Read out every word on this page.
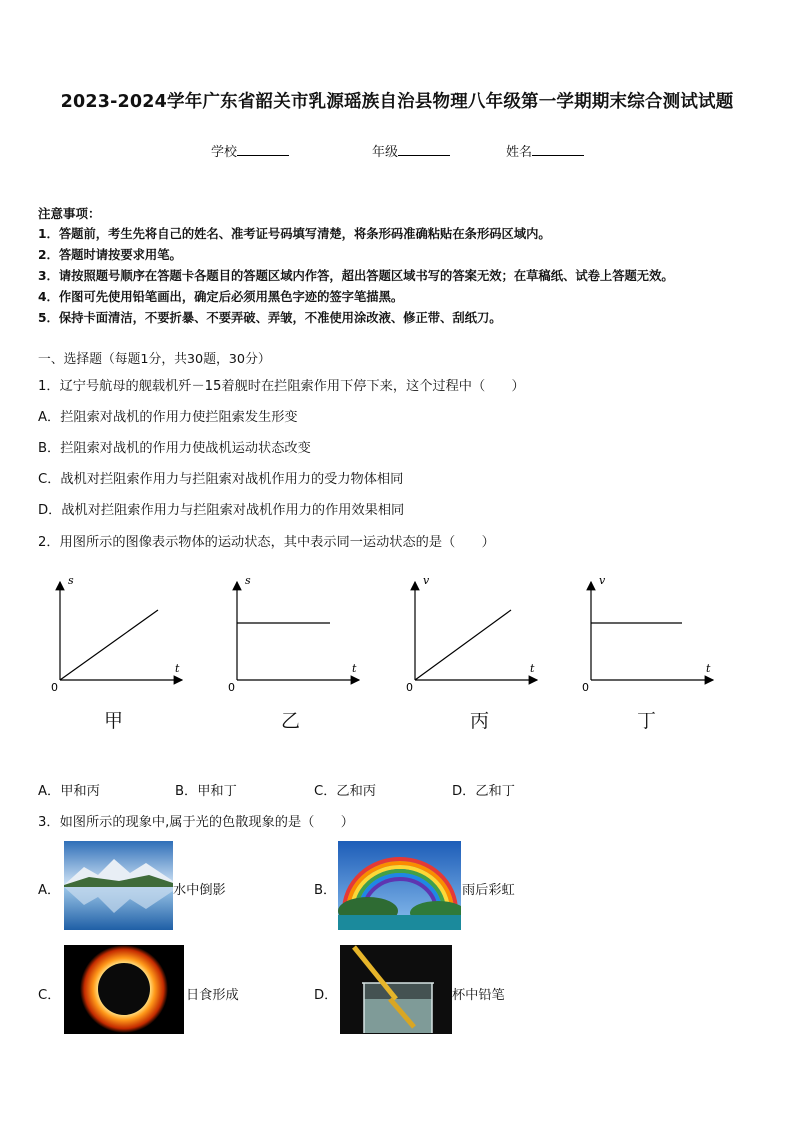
2023-2024学年广东省韶关市乳源瑶族自治县物理八年级第一学期期末综合测试试题
学校	年级	姓名
注意事项：
1．答题前，考生先将自己的姓名、准考证号码填写清楚，将条形码准确粘贴在条形码区域内。
2．答题时请按要求用笔。
3．请按照题号顺序在答题卡各题目的答题区域内作答，超出答题区域书写的答案无效；在草稿纸、试卷上答题无效。
4．作图可先使用铅笔画出，确定后必须用黑色字迹的签字笔描黑。
5．保持卡面清洁，不要折暴、不要弄破、弄皱，不准使用涂改液、修正带、刮纸刀。
一、选择题（每题1分，共30题，30分）
1．辽宁号航母的舰载机歼－15着舰时在拦阻索作用下停下来，这个过程中（　　）
A．拦阻索对战机的作用力使拦阻索发生形变
B．拦阻索对战机的作用力使战机运动状态改变
C．战机对拦阻索作用力与拦阻索对战机作用力的受力物体相同
D．战机对拦阻索作用力与拦阻索对战机作用力的作用效果相同
2．用图所示的图像表示物体的运动状态，其中表示同一运动状态的是（　　）
s
t
0
甲
s
t
0
乙
v
t
0
丙
v
t
0
丁
A．甲和丙	B．甲和丁	C．乙和丙	D．乙和丁
3．如图所示的现象中,属于光的色散现象的是（　　）
A．	水中倒影	B．	雨后彩虹
C．	日食形成	D．	杯中铅笔
